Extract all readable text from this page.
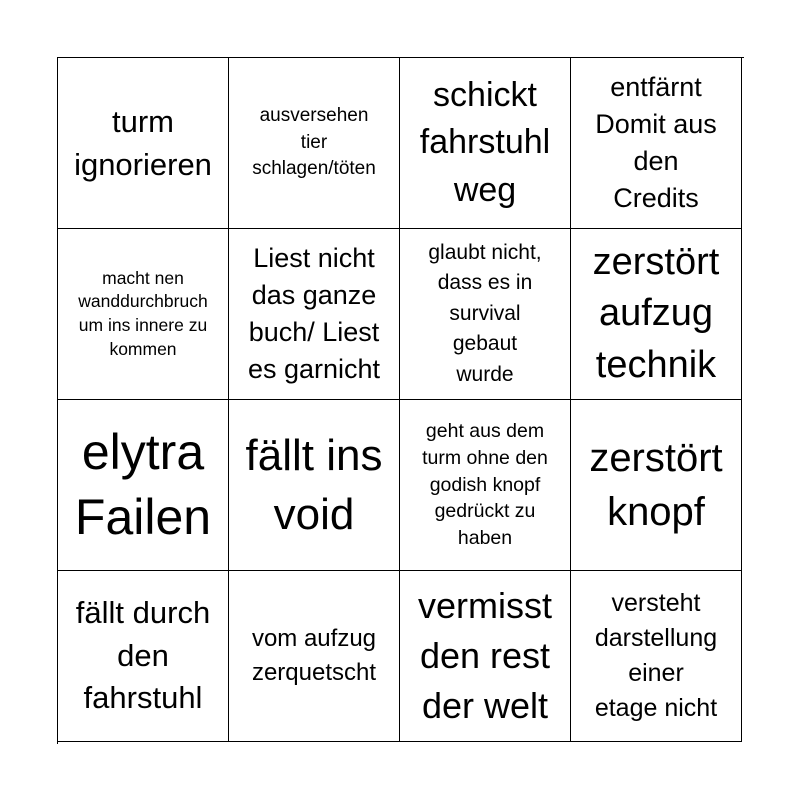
turm
ignorieren
ausversehen
tier
schlagen/töten
schickt
fahrstuhl
weg
entfärnt
Domit aus
den
Credits
macht nen
wanddurchbruch
um ins innere zu
kommen
Liest nicht
das ganze
buch/ Liest
es garnicht
glaubt nicht,
dass es in
survival
gebaut
wurde
zerstört
aufzug
technik
elytra
Failen
fällt ins
void
geht aus dem
turm ohne den
godish knopf
gedrückt zu
haben
zerstört
knopf
fällt durch
den
fahrstuhl
vom aufzug
zerquetscht
vermisst
den rest
der welt
versteht
darstellung
einer
etage nicht
